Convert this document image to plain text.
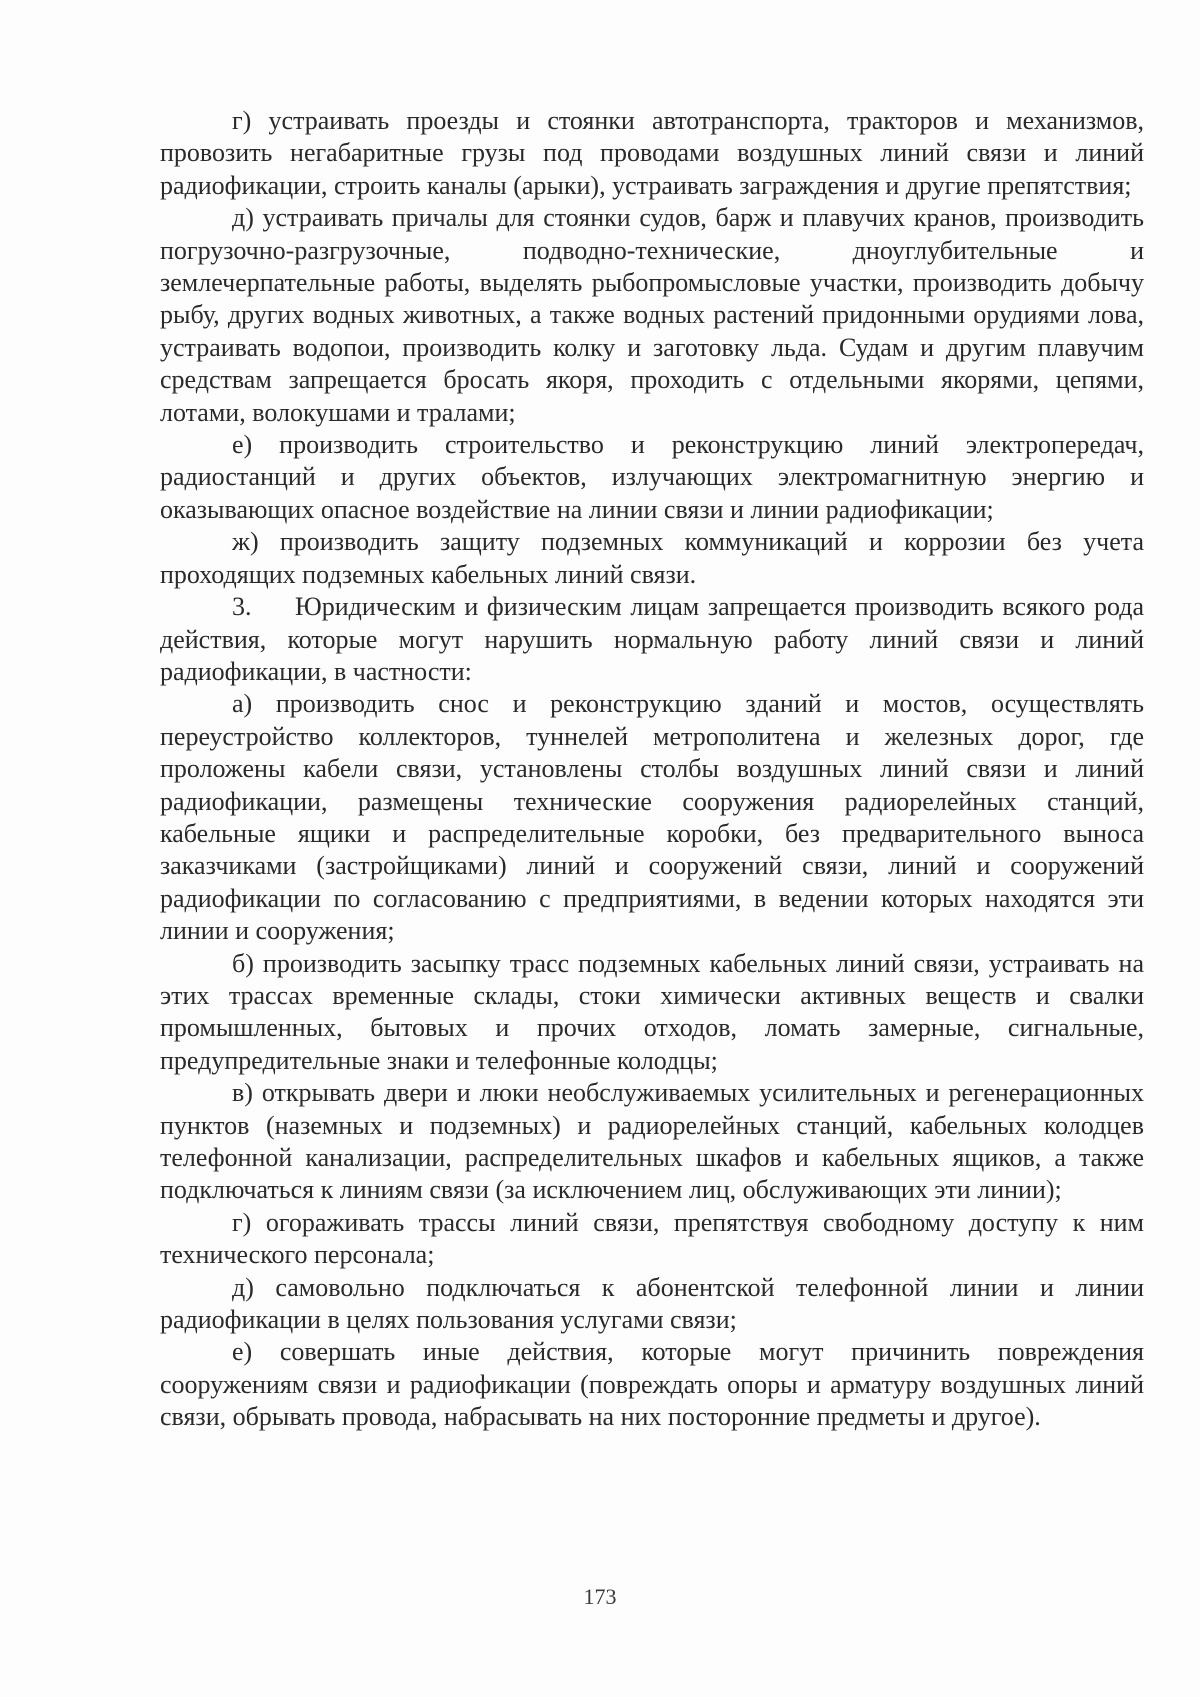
г) устраивать проезды и стоянки автотранспорта, тракторов и механизмов, провозить негабаритные грузы под проводами воздушных линий связи и линий радиофикации, строить каналы (арыки), устраивать заграждения и другие препятствия;

д) устраивать причалы для стоянки судов, барж и плавучих кранов, производить погрузочно-разгрузочные, подводно-технические, дноуглубительные и землечерпательные работы, выделять рыбопромысловые участки, производить добычу рыбу, других водных животных, а также водных растений придонными орудиями лова, устраивать водопои, производить колку и заготовку льда. Судам и другим плавучим средствам запрещается бросать якоря, проходить с отдельными якорями, цепями, лотами, волокушами и тралами;

е) производить строительство и реконструкцию линий электропередач, радиостанций и других объектов, излучающих электромагнитную энергию и оказывающих опасное воздействие на линии связи и линии радиофикации;

ж) производить защиту подземных коммуникаций и коррозии без учета проходящих подземных кабельных линий связи.

3.     Юридическим и физическим лицам запрещается производить всякого рода действия, которые могут нарушить нормальную работу линий связи и линий радиофикации, в частности:

а) производить снос и реконструкцию зданий и мостов, осуществлять переустройство коллекторов, туннелей метрополитена и железных дорог, где проложены кабели связи, установлены столбы воздушных линий связи и линий радиофикации, размещены технические сооружения радиорелейных станций, кабельные ящики и распределительные коробки, без предварительного выноса заказчиками (застройщиками) линий и сооружений связи, линий и сооружений радиофикации по согласованию с предприятиями, в ведении которых находятся эти линии и сооружения;

б) производить засыпку трасс подземных кабельных линий связи, устраивать на этих трассах временные склады, стоки химически активных веществ и свалки промышленных, бытовых и прочих отходов, ломать замерные, сигнальные, предупредительные знаки и телефонные колодцы;

в) открывать двери и люки необслуживаемых усилительных и регенерационных пунктов (наземных и подземных) и радиорелейных станций, кабельных колодцев телефонной канализации, распределительных шкафов и кабельных ящиков, а также подключаться к линиям связи (за исключением лиц, обслуживающих эти линии);

г) огораживать трассы линий связи, препятствуя свободному доступу к ним технического персонала;

д) самовольно подключаться к абонентской телефонной линии и линии радиофикации в целях пользования услугами связи;

е) совершать иные действия, которые могут причинить повреждения сооружениям связи и радиофикации (повреждать опоры и арматуру воздушных линий связи, обрывать провода, набрасывать на них посторонние предметы и другое).

173
